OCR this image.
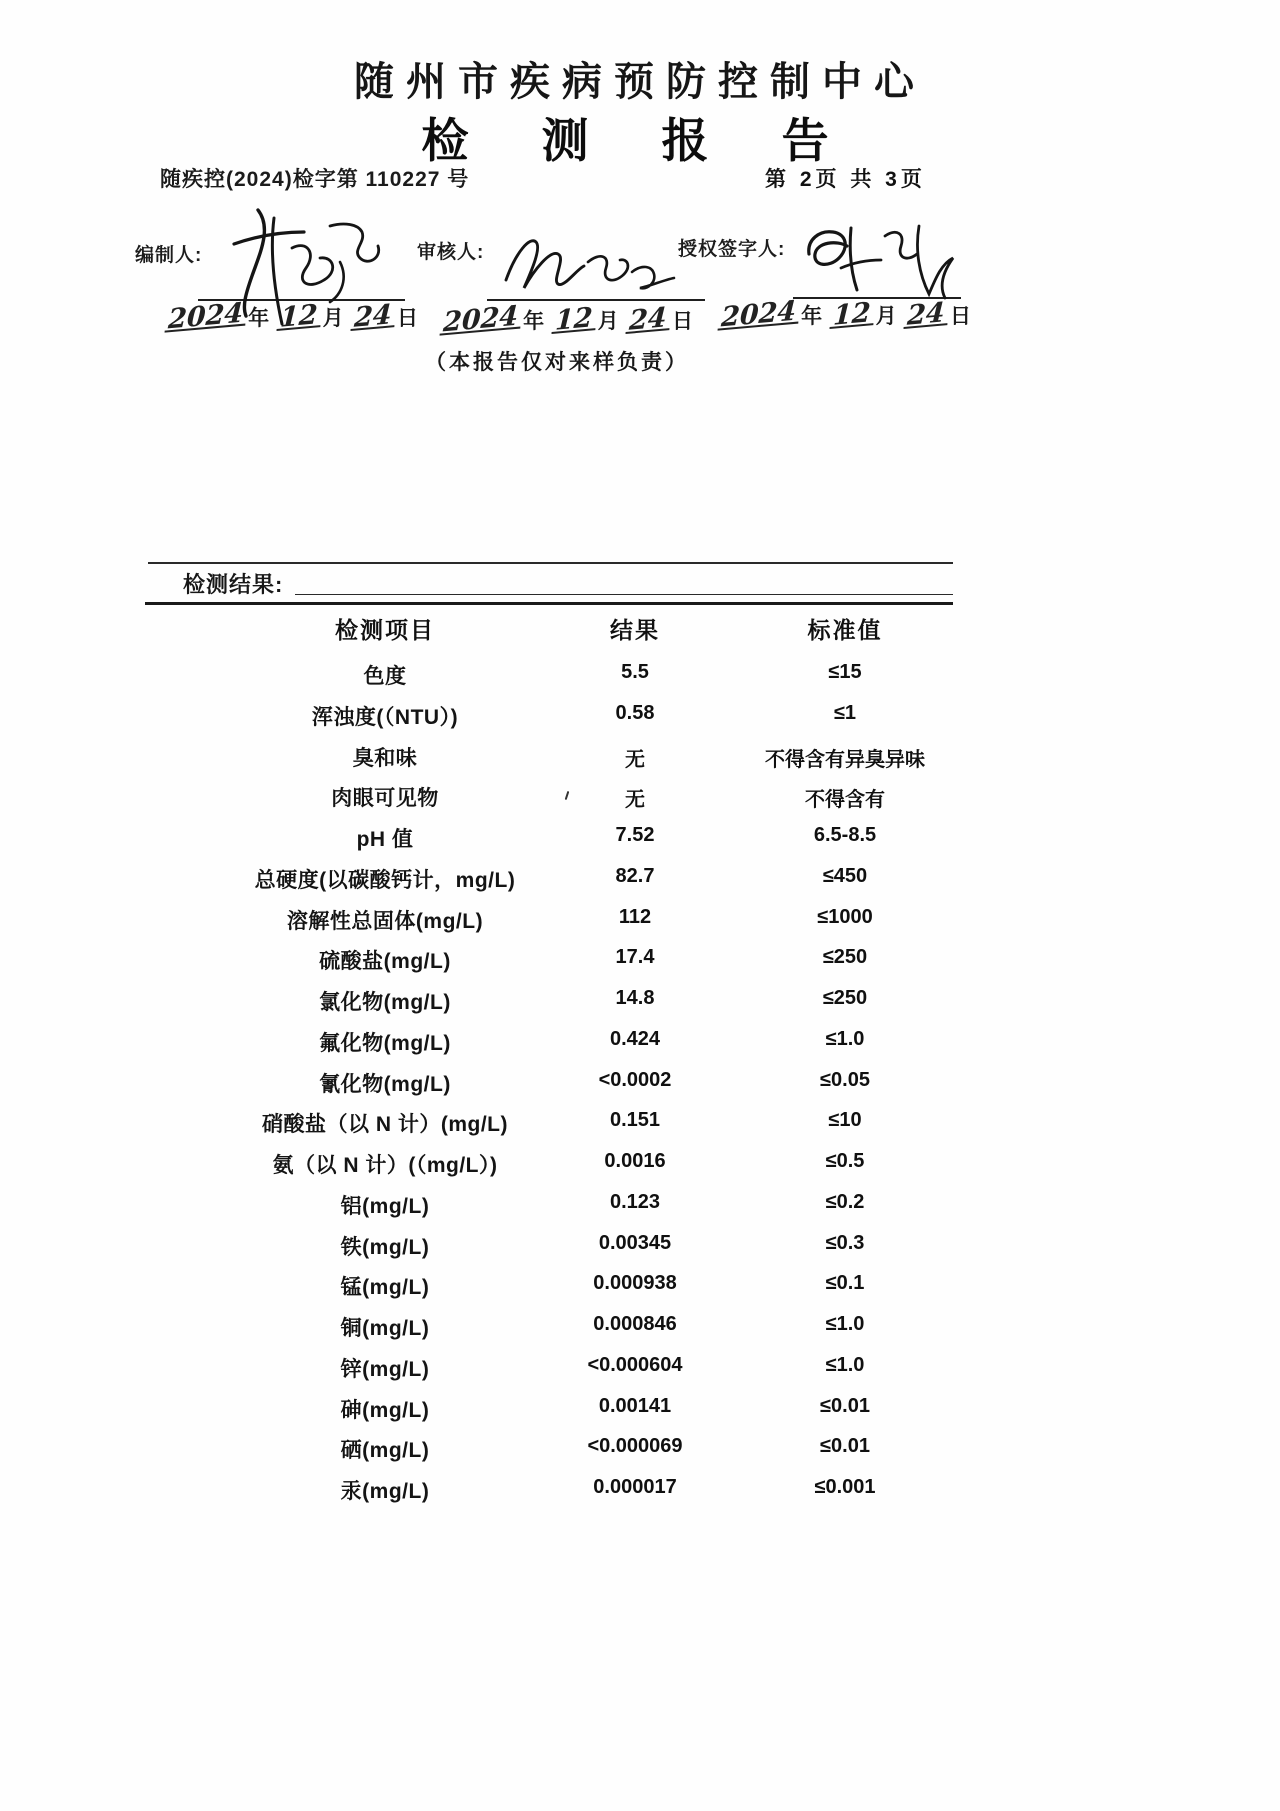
随州市疾病预防控制中心
检 测 报 告
随疾控(2024)检字第 110227 号	第 2页 共 3页
编制人:	审核人:	授权签字人:
2024 年 12 月 24 日 2024 年 12 月 24 日 2024 年 12 月 24 日
（本报告仅对来样负责）
检测结果:
检测项目	结果	标准值
色度	5.5	≤15
浑浊度(（NTU）)	0.58	≤1
臭和味	无	不得含有异臭异味
肉眼可见物	无	不得含有
pH 值	7.52	6.5-8.5
总硬度(以碳酸钙计，mg/L)	82.7	≤450
溶解性总固体(mg/L)	112	≤1000
硫酸盐(mg/L)	17.4	≤250
氯化物(mg/L)	14.8	≤250
氟化物(mg/L)	0.424	≤1.0
氰化物(mg/L)	<0.0002	≤0.05
硝酸盐（以 N 计）(mg/L)	0.151	≤10
氨（以 N 计）(（mg/L）)	0.0016	≤0.5
铝(mg/L)	0.123	≤0.2
铁(mg/L)	0.00345	≤0.3
锰(mg/L)	0.000938	≤0.1
铜(mg/L)	0.000846	≤1.0
锌(mg/L)	<0.000604	≤1.0
砷(mg/L)	0.00141	≤0.01
硒(mg/L)	<0.000069	≤0.01
汞(mg/L)	0.000017	≤0.001
